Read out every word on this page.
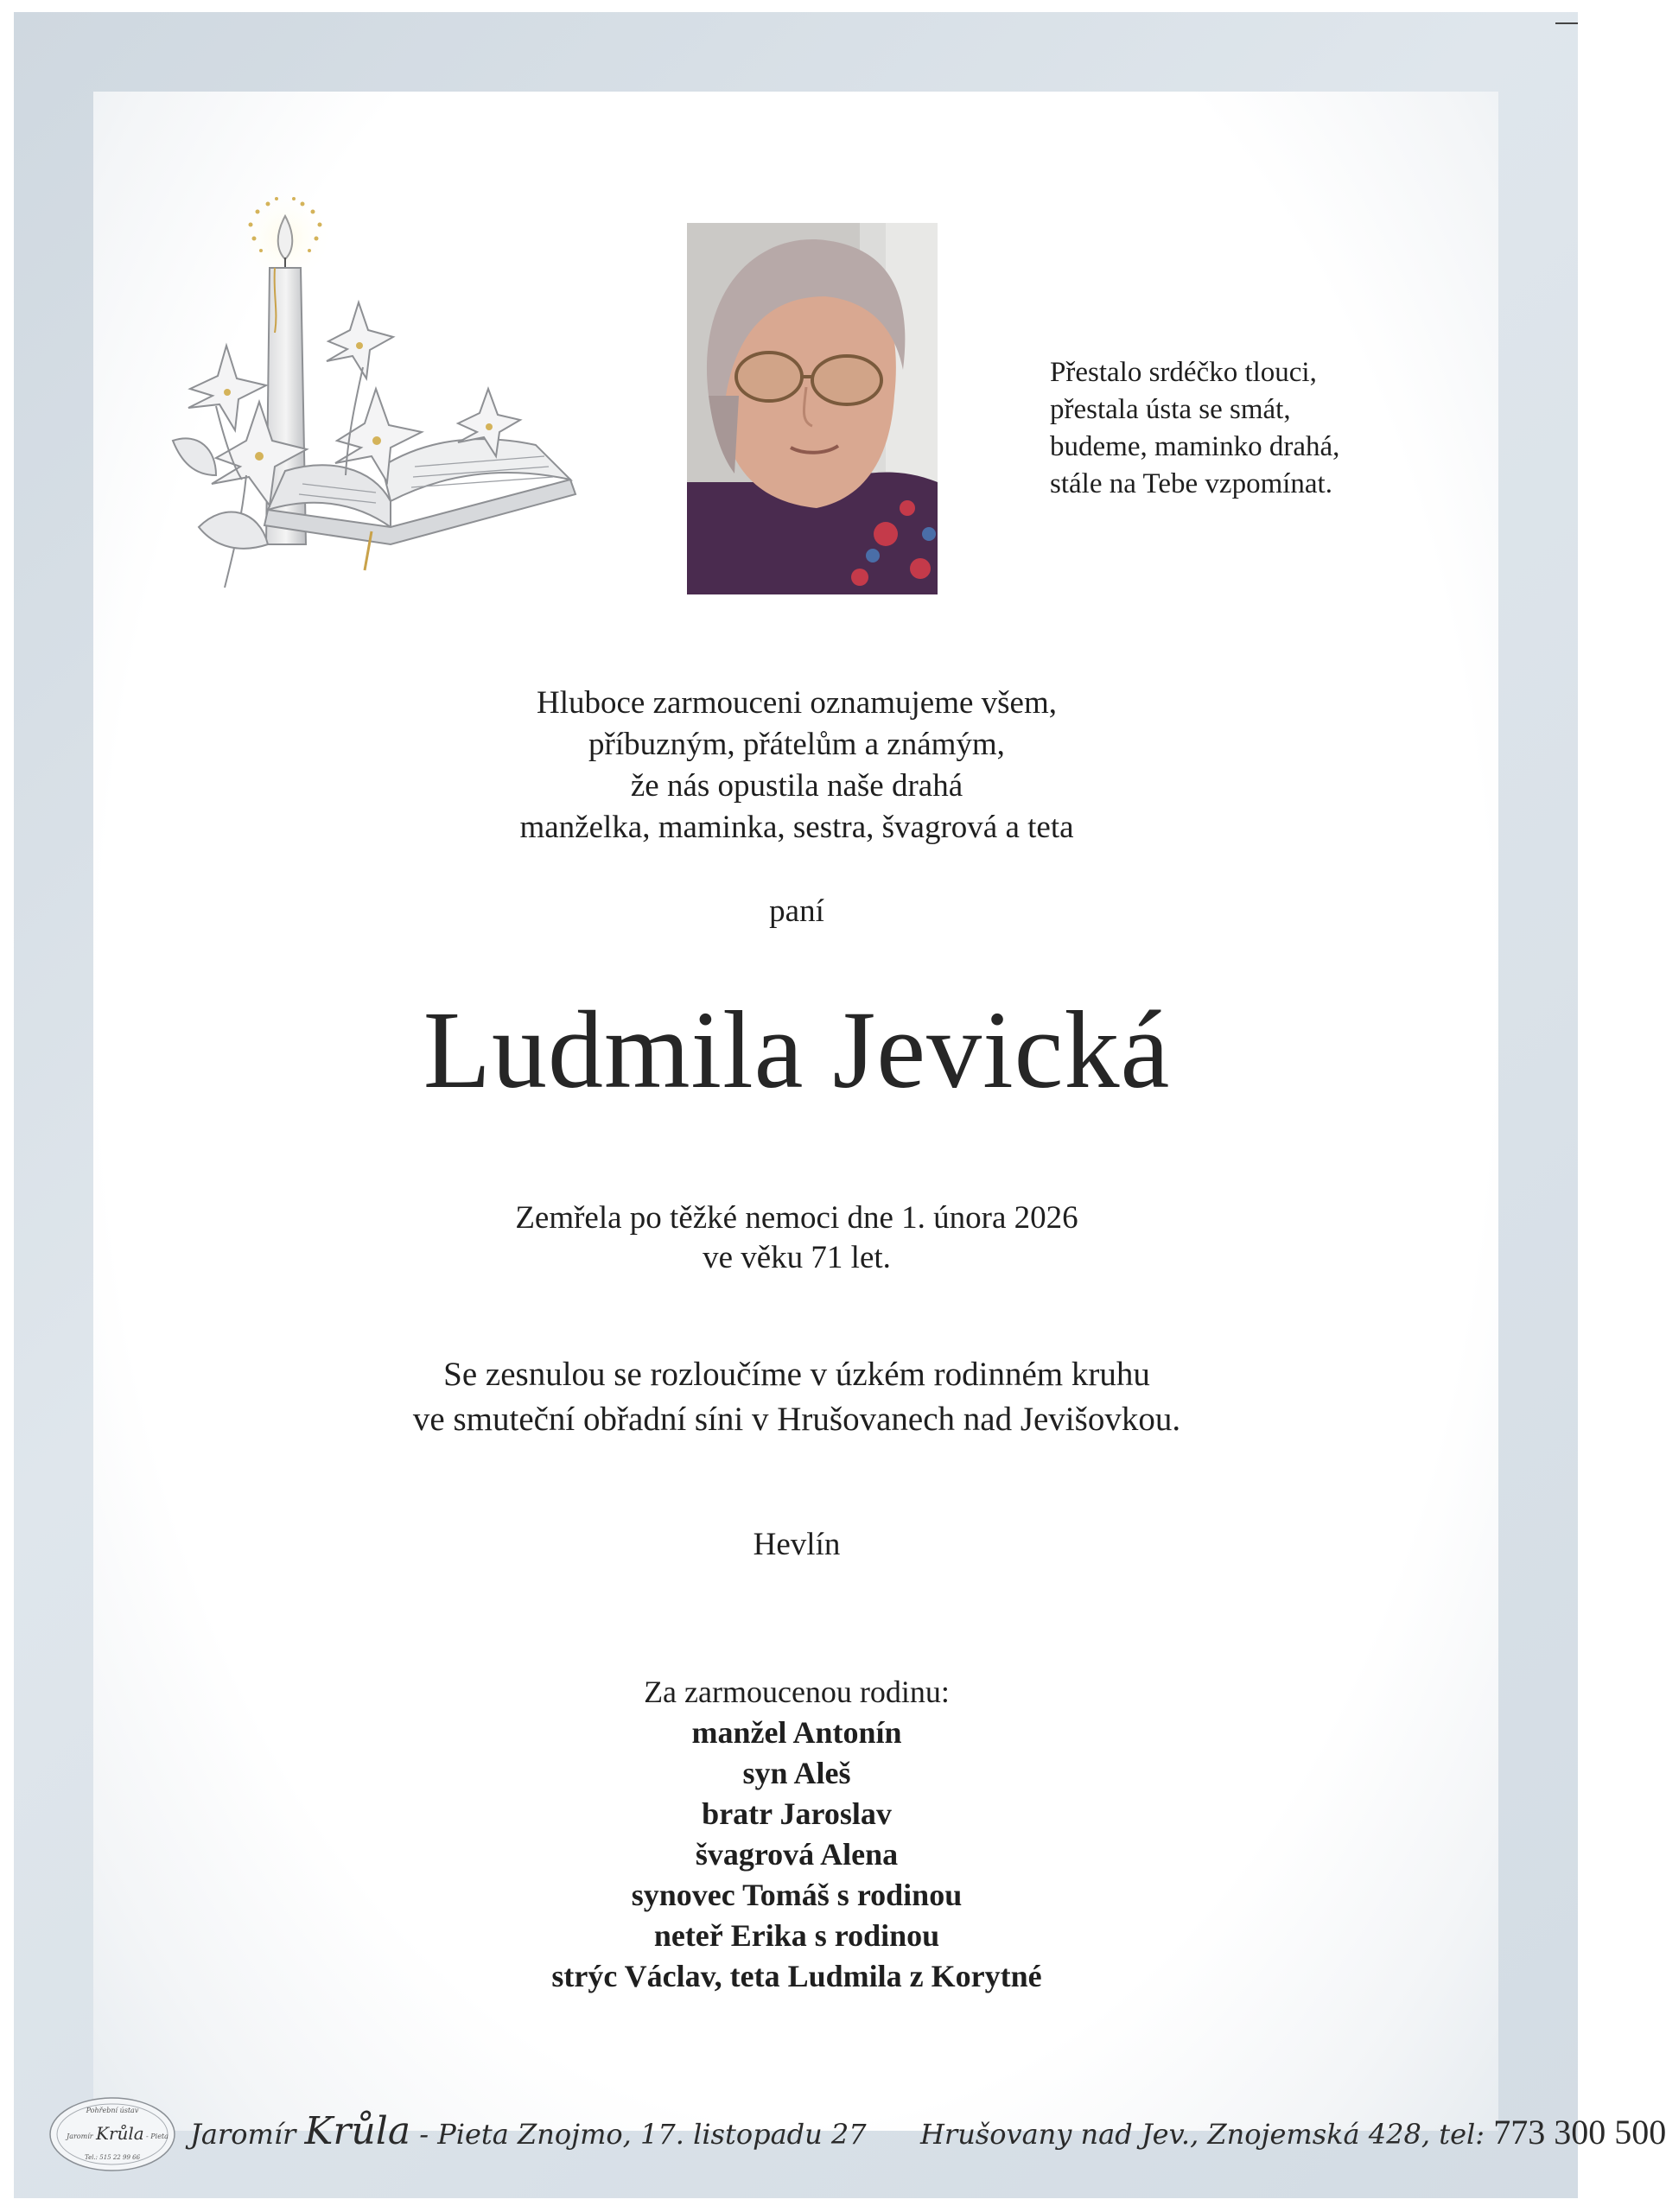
Přestalo srdéčko tlouci,
přestala ústa se smát,
budeme, maminko drahá,
stále na Tebe vzpomínat.
Hluboce zarmouceni oznamujeme všem,
příbuzným, přátelům a známým,
že nás opustila naše drahá
manželka, maminka, sestra, švagrová a teta
paní
Ludmila Jevická
Zemřela po těžké nemoci dne 1. února 2026
ve věku 71 let.
Se zesnulou se rozloučíme v úzkém rodinném kruhu
ve smuteční obřadní síni v Hrušovanech nad Jevišovkou.
Hevlín
Za zarmoucenou rodinu:
manžel Antonín
syn Aleš
bratr Jaroslav
švagrová Alena
synovec Tomáš s rodinou
neteř Erika s rodinou
strýc Václav, teta Ludmila z Korytné
Pohřební ústav
Jaromír Krůla - Pieta
Tel.: 515 22 99 66
Jaromír Krůla - Pieta Znojmo, 17. listopadu 27 Hrušovany nad Jev., Znojemská 428, tel: 773 300 500
